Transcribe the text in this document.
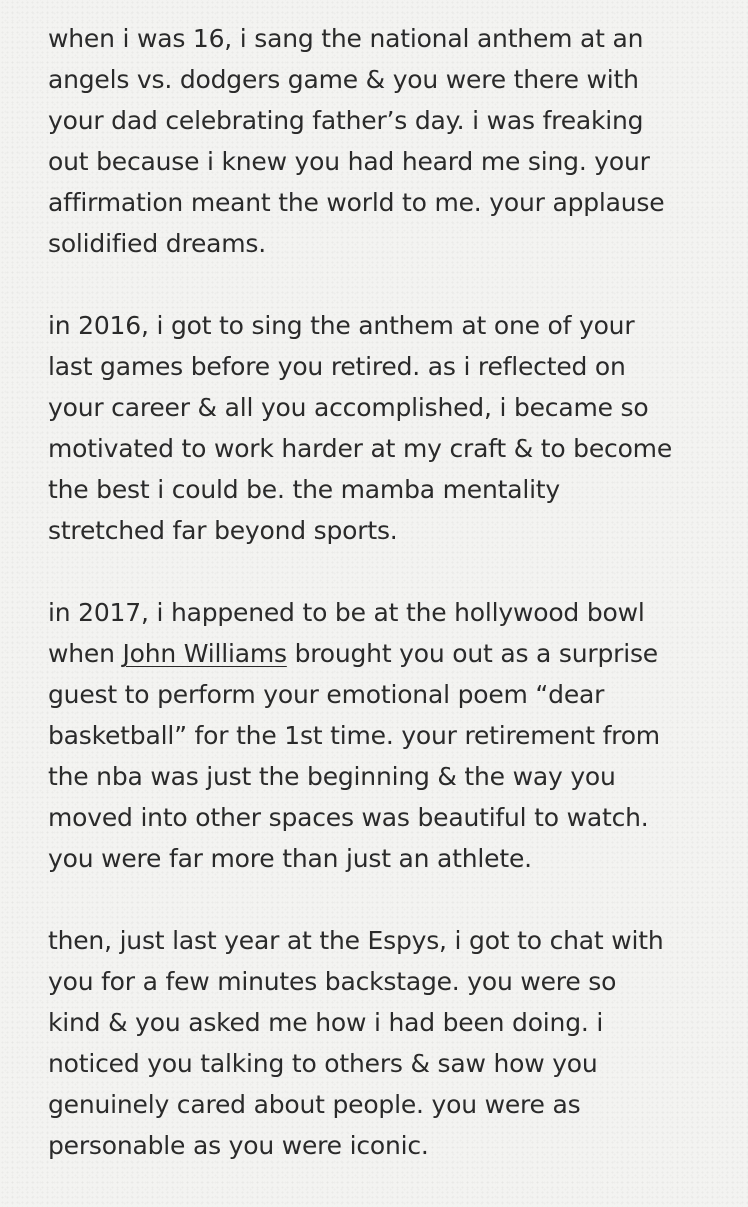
when i was 16, i sang the national anthem at an
angels vs. dodgers game & you were there with
your dad celebrating father’s day. i was freaking
out because i knew you had heard me sing. your
affirmation meant the world to me. your applause
solidified dreams.
in 2016, i got to sing the anthem at one of your
last games before you retired. as i reflected on
your career & all you accomplished, i became so
motivated to work harder at my craft & to become
the best i could be. the mamba mentality
stretched far beyond sports.
in 2017, i happened to be at the hollywood bowl
when John Williams brought you out as a surprise
guest to perform your emotional poem “dear
basketball” for the 1st time. your retirement from
the nba was just the beginning & the way you
moved into other spaces was beautiful to watch.
you were far more than just an athlete.
then, just last year at the Espys, i got to chat with
you for a few minutes backstage. you were so
kind & you asked me how i had been doing. i
noticed you talking to others & saw how you
genuinely cared about people. you were as
personable as you were iconic.
